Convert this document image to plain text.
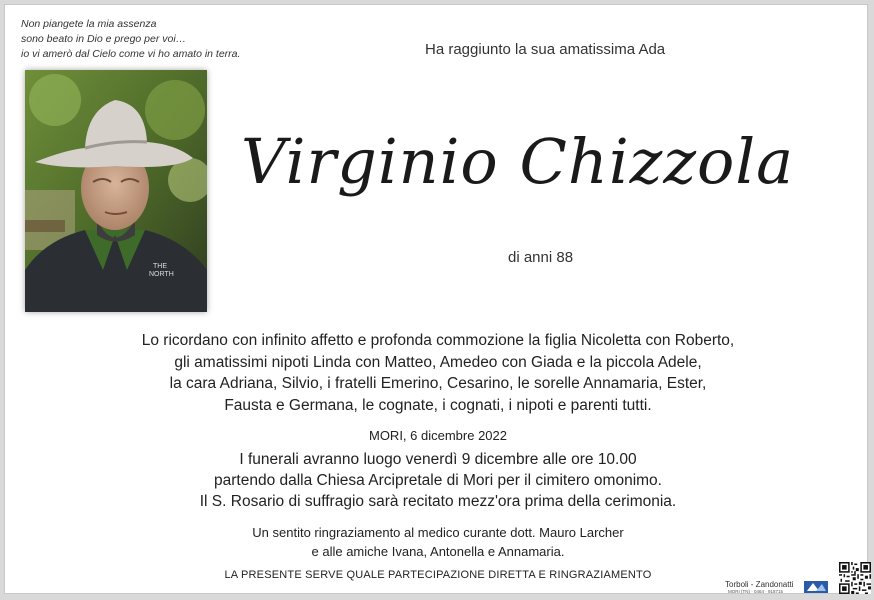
Non piangete la mia assenza
sono beato in Dio e prego per voi…
io vi amerò dal Cielo come vi ho amato in terra.	Ha raggiunto la sua amatissima Ada
THE
NORTH
Virginio Chizzola
di anni 88
Lo ricordano con infinito affetto e profonda commozione la figlia Nicoletta con Roberto,
gli amatissimi nipoti Linda con Matteo, Amedeo con Giada e la piccola Adele,
la cara Adriana, Silvio, i fratelli Emerino, Cesarino, le sorelle Annamaria, Ester,
Fausta e Germana, le cognate, i cognati, i nipoti e parenti tutti.
MORI, 6 dicembre 2022
I funerali avranno luogo venerdì 9 dicembre alle ore 10.00
partendo dalla Chiesa Arcipretale di Mori per il cimitero omonimo.
Il S. Rosario di suffragio sarà recitato mezz'ora prima della cerimonia.
Un sentito ringraziamento al medico curante dott. Mauro Larcher
e alle amiche Ivana, Antonella e Annamaria.
LA PRESENTE SERVE QUALE PARTECIPAZIONE DIRETTA E RINGRAZIAMENTO
Torboli - Zandonatti
MORI (TN) · 0464 · 918715
